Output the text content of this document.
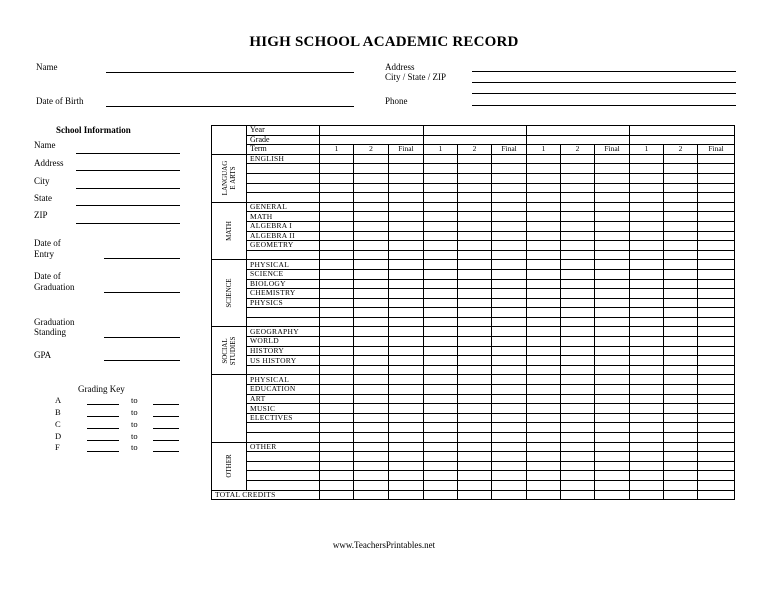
HIGH SCHOOL ACADEMIC RECORD
Name
Date of Birth
Address
City / State / ZIP
Phone
School Information
Name
Address
City
State
ZIP
Date of
Entry
Date of
Graduation
Graduation
Standing
GPA
Grading Key
A	to
B	to
C	to
D	to
F	to
	Year												
	Grade												
	Term	1	2	Final	1	2	Final	1	2	Final	1	2	Final

LANGUAG E ARTS	ENGLISH												

MATH	GENERAL												
	MATH												
	ALGEBRA I												
	ALGEBRA II												
	GEOMETRY												

SCIENCE	PHYSICAL												
	SCIENCE												
	BIOLOGY												
	CHEMISTRY												
	PHYSICS												

SOCIAL STUDIES	GEOGRAPHY												
	WORLD												
	HISTORY												
	US HISTORY												

	PHYSICAL												
	EDUCATION												
	ART												
	MUSIC												
	ELECTIVES												

OTHER	OTHER												

TOTAL CREDITS													
www.TeachersPrintables.net
